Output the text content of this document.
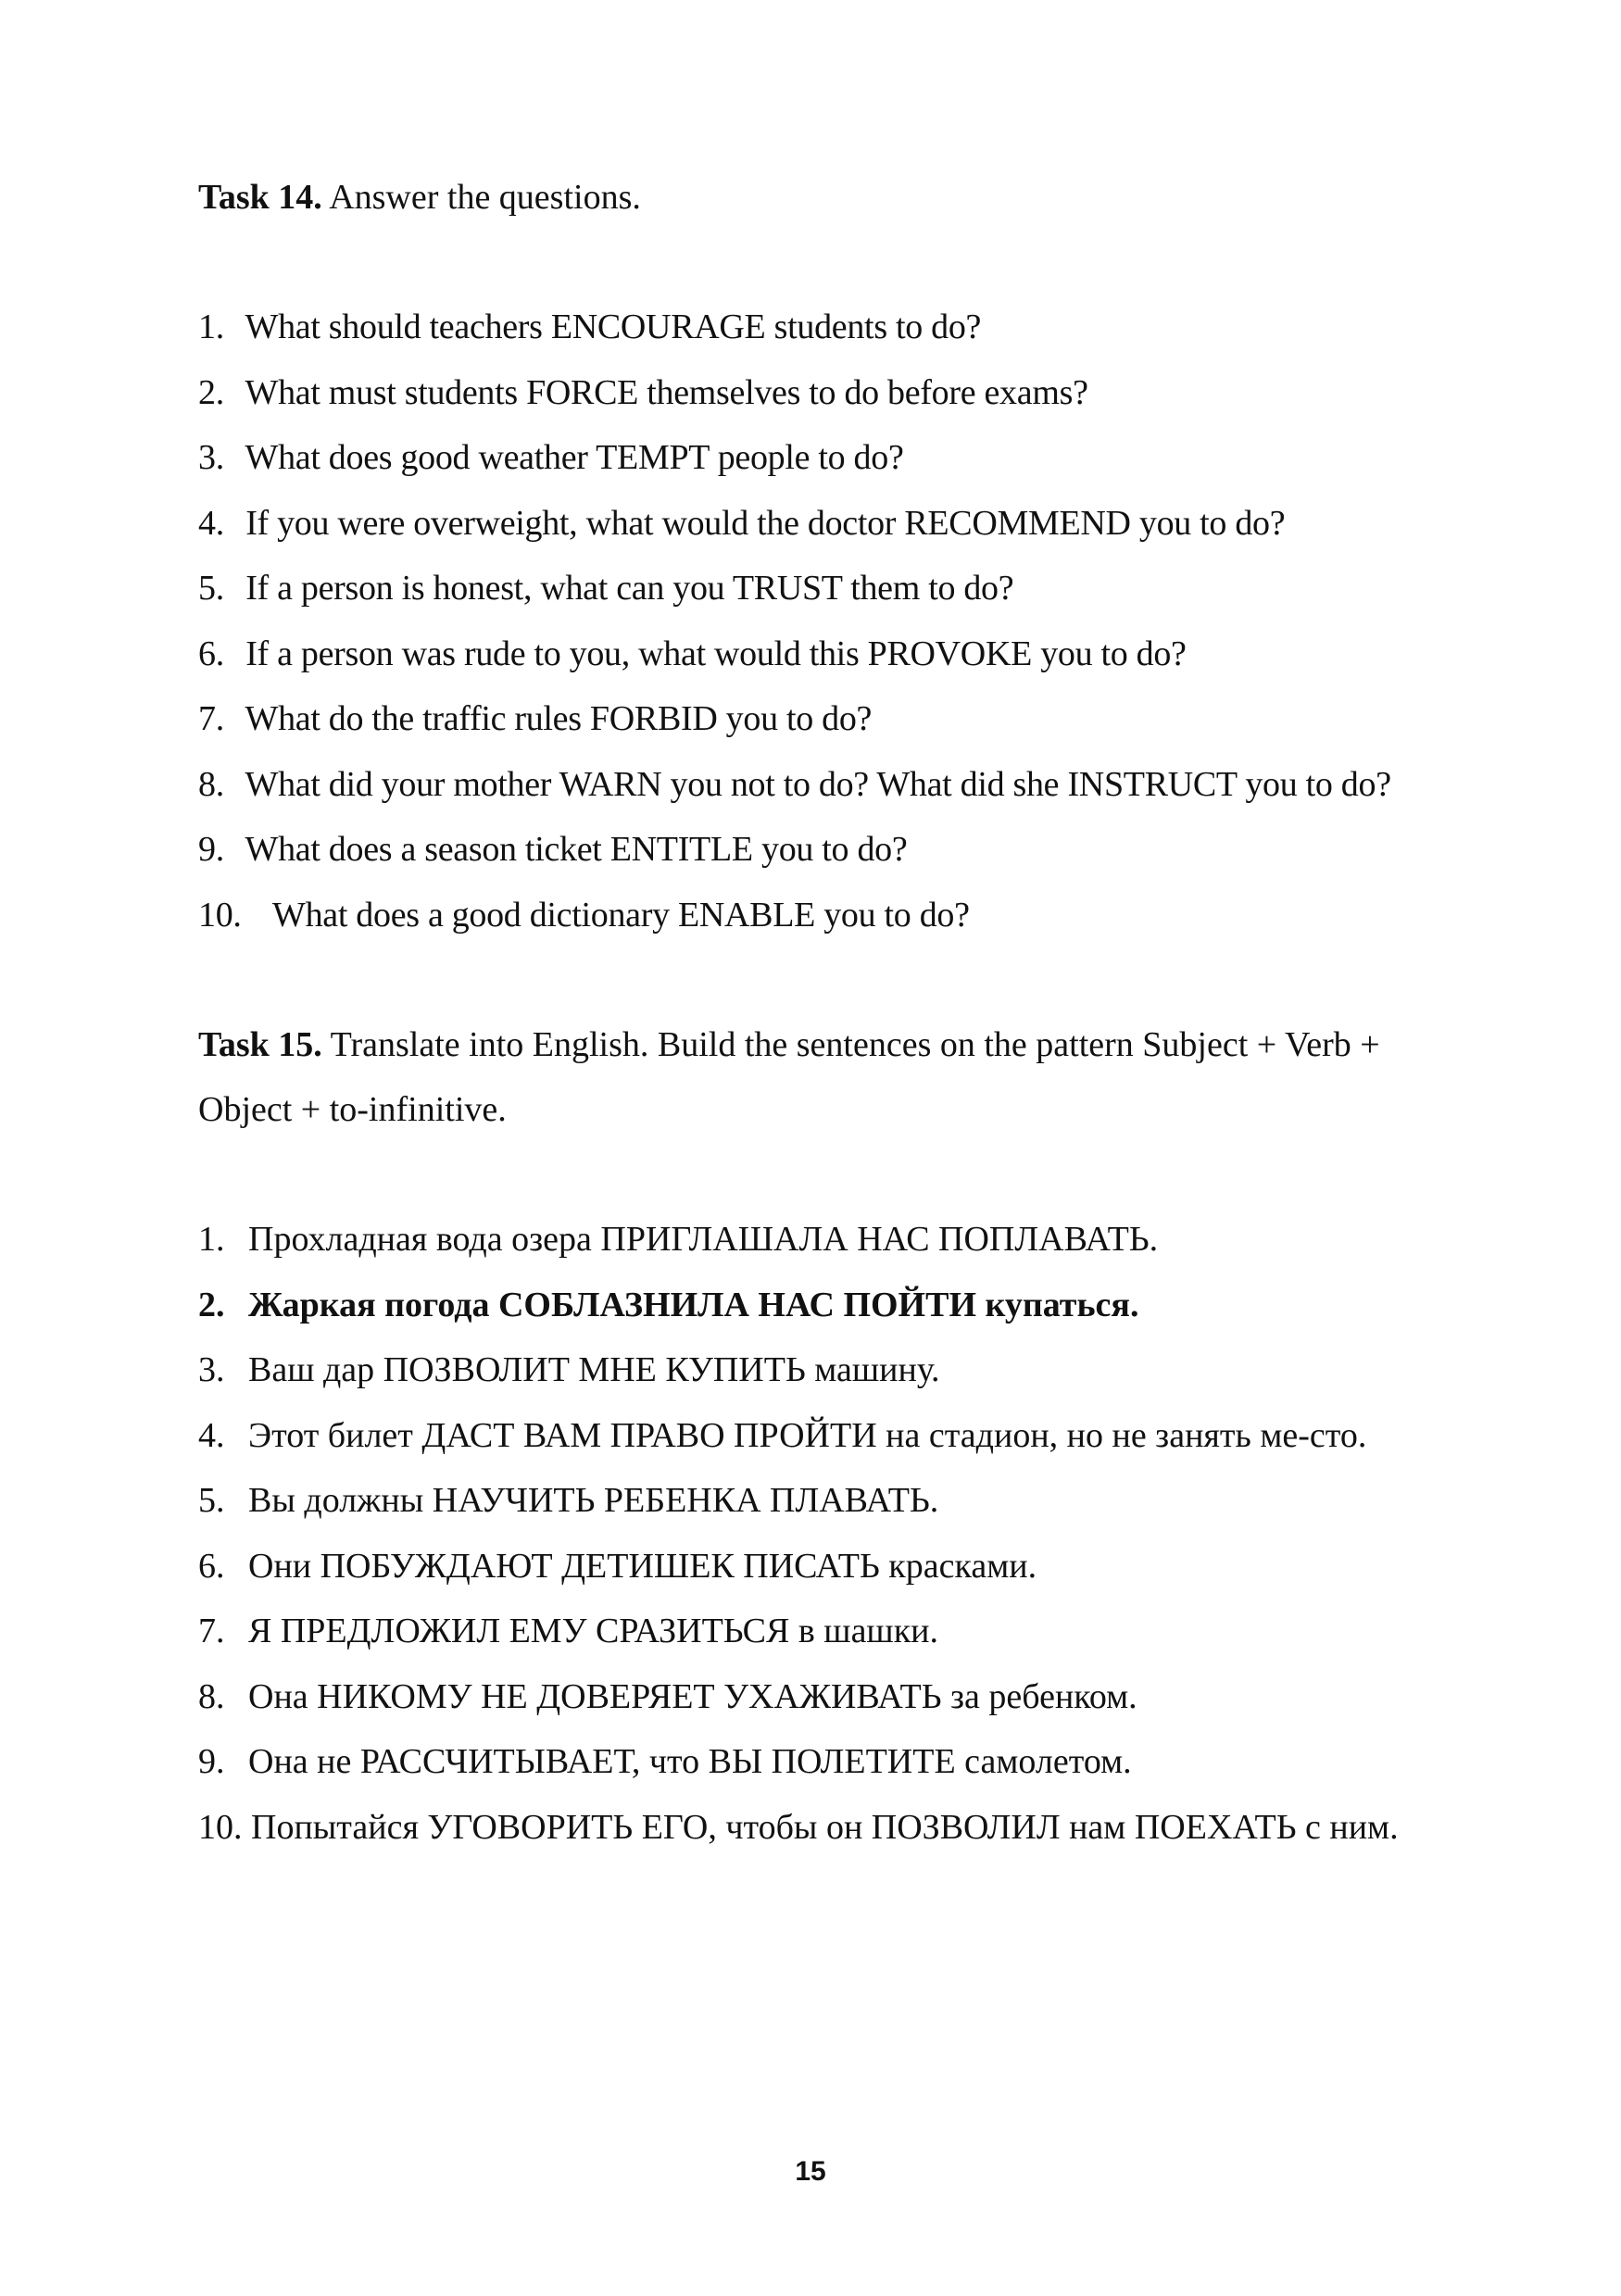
Task 14. Answer the questions.

1. What should teachers ENCOURAGE students to do?
2. What must students FORCE themselves to do before exams?
3. What does good weather TEMPT people to do?
4. If you were overweight, what would the doctor RECOMMEND you to do?
5. If a person is honest, what can you TRUST them to do?
6. If a person was rude to you, what would this PROVOKE you to do?
7. What do the traffic rules FORBID you to do?
8. What did your mother WARN you not to do? What did she INSTRUCT you to do?
9. What does a season ticket ENTITLE you to do?
10. What does a good dictionary ENABLE you to do?

Task 15. Translate into English. Build the sentences on the pattern Subject + Verb + Object + to-infinitive.

1. Прохладная вода озера ПРИГЛАШАЛА НАС ПОПЛАВАТЬ.
2. Жаркая погода СОБЛАЗНИЛА НАС ПОЙТИ купаться.
3. Ваш дар ПОЗВОЛИТ МНЕ КУПИТЬ машину.
4. Этот билет ДАСТ ВАМ ПРАВО ПРОЙТИ на стадион, но не занять ме-сто.
5. Вы должны НАУЧИТЬ РЕБЕНКА ПЛАВАТЬ.
6. Они ПОБУЖДАЮТ ДЕТИШЕК ПИСАТЬ красками.
7. Я ПРЕДЛОЖИЛ ЕМУ СРАЗИТЬСЯ в шашки.
8. Она НИКОМУ НЕ ДОВЕРЯЕТ УХАЖИВАТЬ за ребенком.
9. Она не РАССЧИТЫВАЕТ, что ВЫ ПОЛЕТИТЕ самолетом.
10. Попытайся УГОВОРИТЬ ЕГО, чтобы он ПОЗВОЛИЛ нам ПОЕХАТЬ с ним.
15
